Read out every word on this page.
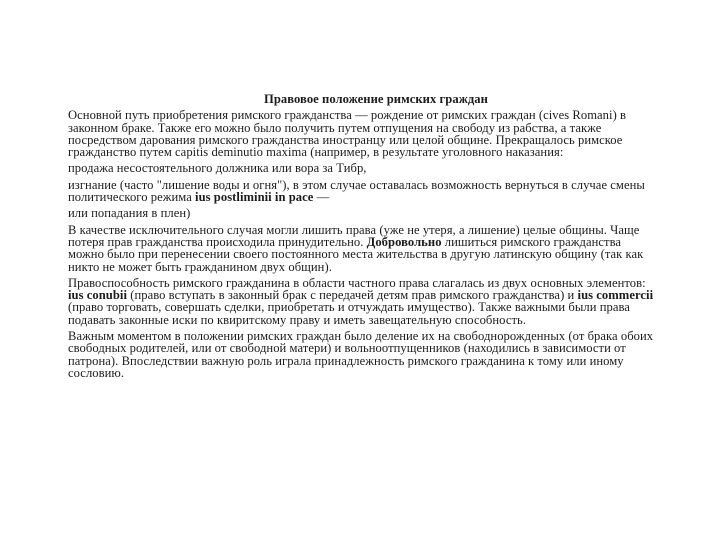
Правовое положение римских граждан
Основной путь приобретения римского гражданства — рождение от римских граждан (cives Romani) в законном браке. Также его можно было получить путем отпущения на свободу из рабства, а также посредством дарования римского гражданства иностранцу или целой общине. Прекращалось римское гражданство путем capitis deminutio maxima (например, в результате уголовного наказания:
продажа несостоятельного должника или вора за Тибр,
изгнание (часто "лишение воды и огня"), в этом случае оставалась возможность вернуться в случае смены политического режима ius postliminii in pace —
или попадания в плен)
В качестве исключительного случая могли лишить права (уже не утеря, а лишение) целые общины. Чаще потеря прав гражданства происходила принудительно. Добровольно лишиться римского гражданства можно было при перенесении своего постоянного места жительства в другую латинскую общину (так как никто не может быть гражданином двух общин).
Правоспособность римского гражданина в области частного права слагалась из двух основных элементов: ius conubii (право вступать в законный брак с передачей детям прав римского гражданства) и ius commercii (право торговать, совершать сделки, приобретать и отчуждать имущество). Также важными были права подавать законные иски по квиритскому праву и иметь завещательную способность.
Важным моментом в положении римских граждан было деление их на свободнорожденных (от брака обоих свободных родителей, или от свободной матери) и вольноотпущенников (находились в зависимости от патрона). Впоследствии важную роль играла принадлежность римского гражданина к тому или иному сословию.
